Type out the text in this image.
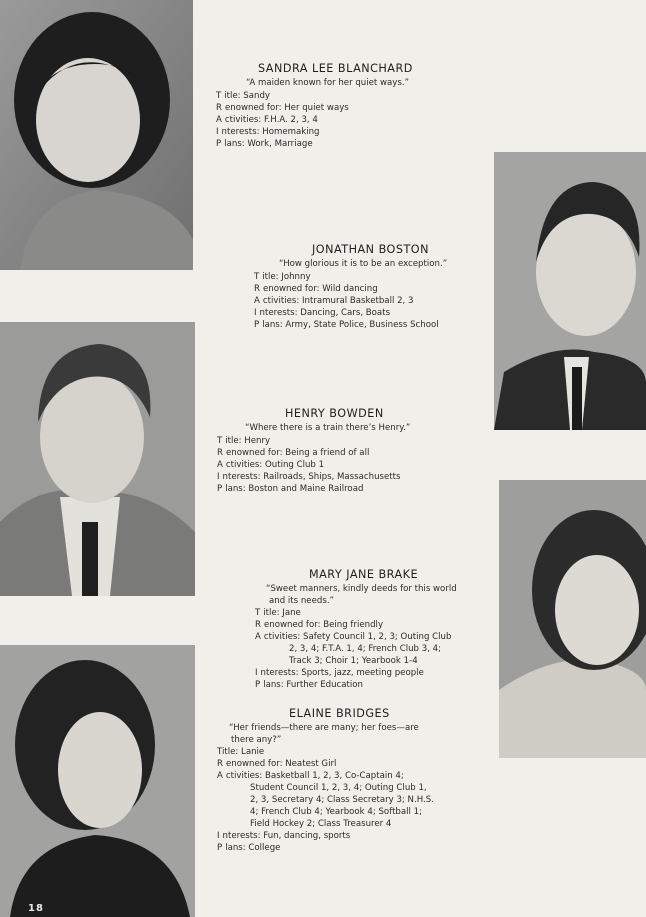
SANDRA LEE BLANCHARD
“A maiden known for her quiet ways.”
T itle: Sandy
R enowned for: Her quiet ways
A ctivities: F.H.A. 2, 3, 4
I nterests: Homemaking
P lans: Work, Marriage
JONATHAN BOSTON
“How glorious it is to be an exception.”
T itle: Johnny
R enowned for: Wild dancing
A ctivities: Intramural Basketball 2, 3
I nterests: Dancing, Cars, Boats
P lans: Army, State Police, Business School
HENRY BOWDEN
“Where there is a train there’s Henry.”
T itle: Henry
R enowned for: Being a friend of all
A ctivities: Outing Club 1
I nterests: Railroads, Ships, Massachusetts
P lans: Boston and Maine Railroad
MARY JANE BRAKE
“Sweet manners, kindly deeds for this world
and its needs.”
T itle: Jane
R enowned for: Being friendly
A ctivities: Safety Council 1, 2, 3; Outing Club
2, 3, 4; F.T.A. 1, 4; French Club 3, 4;
Track 3; Choir 1; Yearbook 1-4
I nterests: Sports, jazz, meeting people
P lans: Further Education
ELAINE BRIDGES
“Her friends—there are many; her foes—are
there any?”
Title: Lanie
R enowned for: Neatest Girl
A ctivities: Basketball 1, 2, 3, Co-Captain 4;
Student Council 1, 2, 3, 4; Outing Club 1,
2, 3, Secretary 4; Class Secretary 3; N.H.S.
4; French Club 4; Yearbook 4; Softball 1;
Field Hockey 2; Class Treasurer 4
I nterests: Fun, dancing, sports
P lans: College
18
